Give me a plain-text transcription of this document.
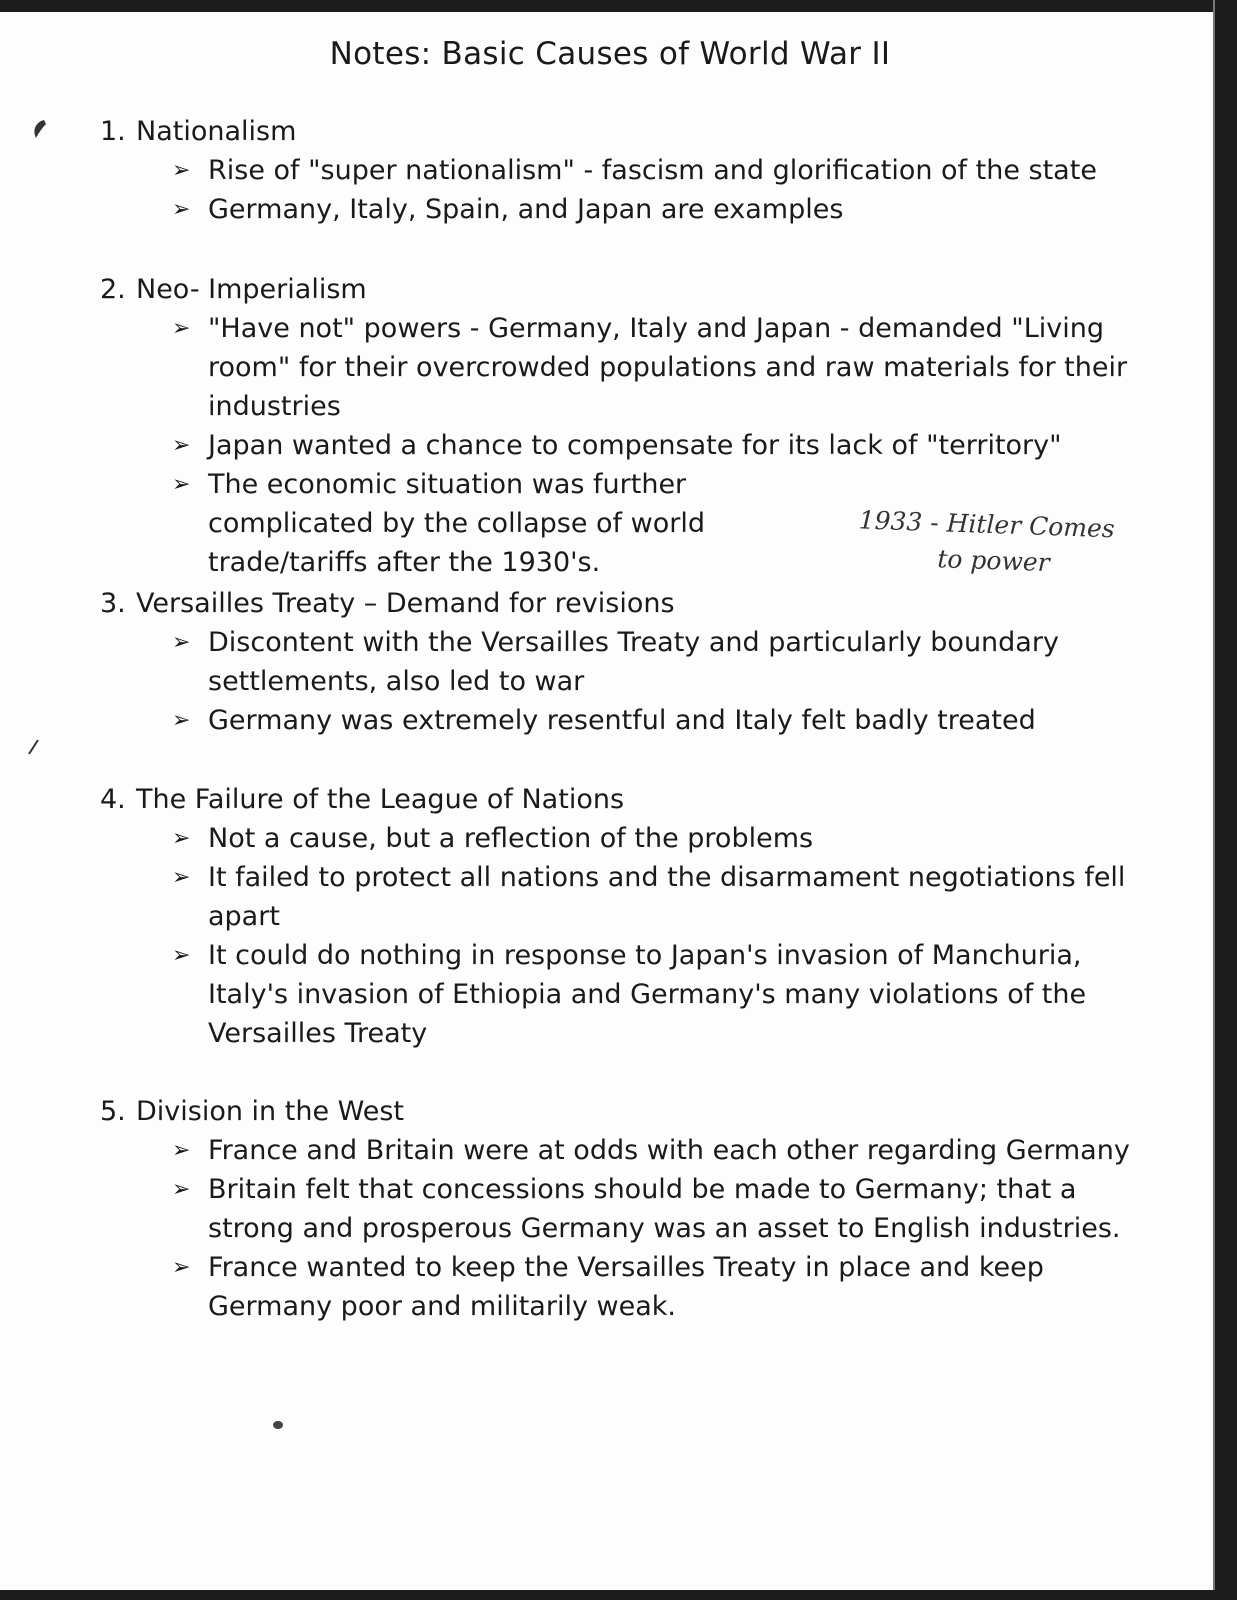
Notes: Basic Causes of World War II
1. Nationalism
➢ Rise of "super nationalism" - fascism and glorification of the state
➢ Germany, Italy, Spain, and Japan are examples
2. Neo- Imperialism
➢ "Have not" powers - Germany, Italy and Japan - demanded "Living room" for their overcrowded populations and raw materials for their industries
➢ Japan wanted a chance to compensate for its lack of "territory"
➢ The economic situation was further complicated by the collapse of world trade/tariffs after the 1930's.
1933 - Hitler Comes
to power
3. Versailles Treaty – Demand for revisions
➢ Discontent with the Versailles Treaty and particularly boundary settlements, also led to war
➢ Germany was extremely resentful and Italy felt badly treated
4. The Failure of the League of Nations
➢ Not a cause, but a reflection of the problems
➢ It failed to protect all nations and the disarmament negotiations fell apart
➢ It could do nothing in response to Japan's invasion of Manchuria, Italy's invasion of Ethiopia and Germany's many violations of the Versailles Treaty
5. Division in the West
➢ France and Britain were at odds with each other regarding Germany
➢ Britain felt that concessions should be made to Germany; that a strong and prosperous Germany was an asset to English industries.
➢ France wanted to keep the Versailles Treaty in place and keep Germany poor and militarily weak.
